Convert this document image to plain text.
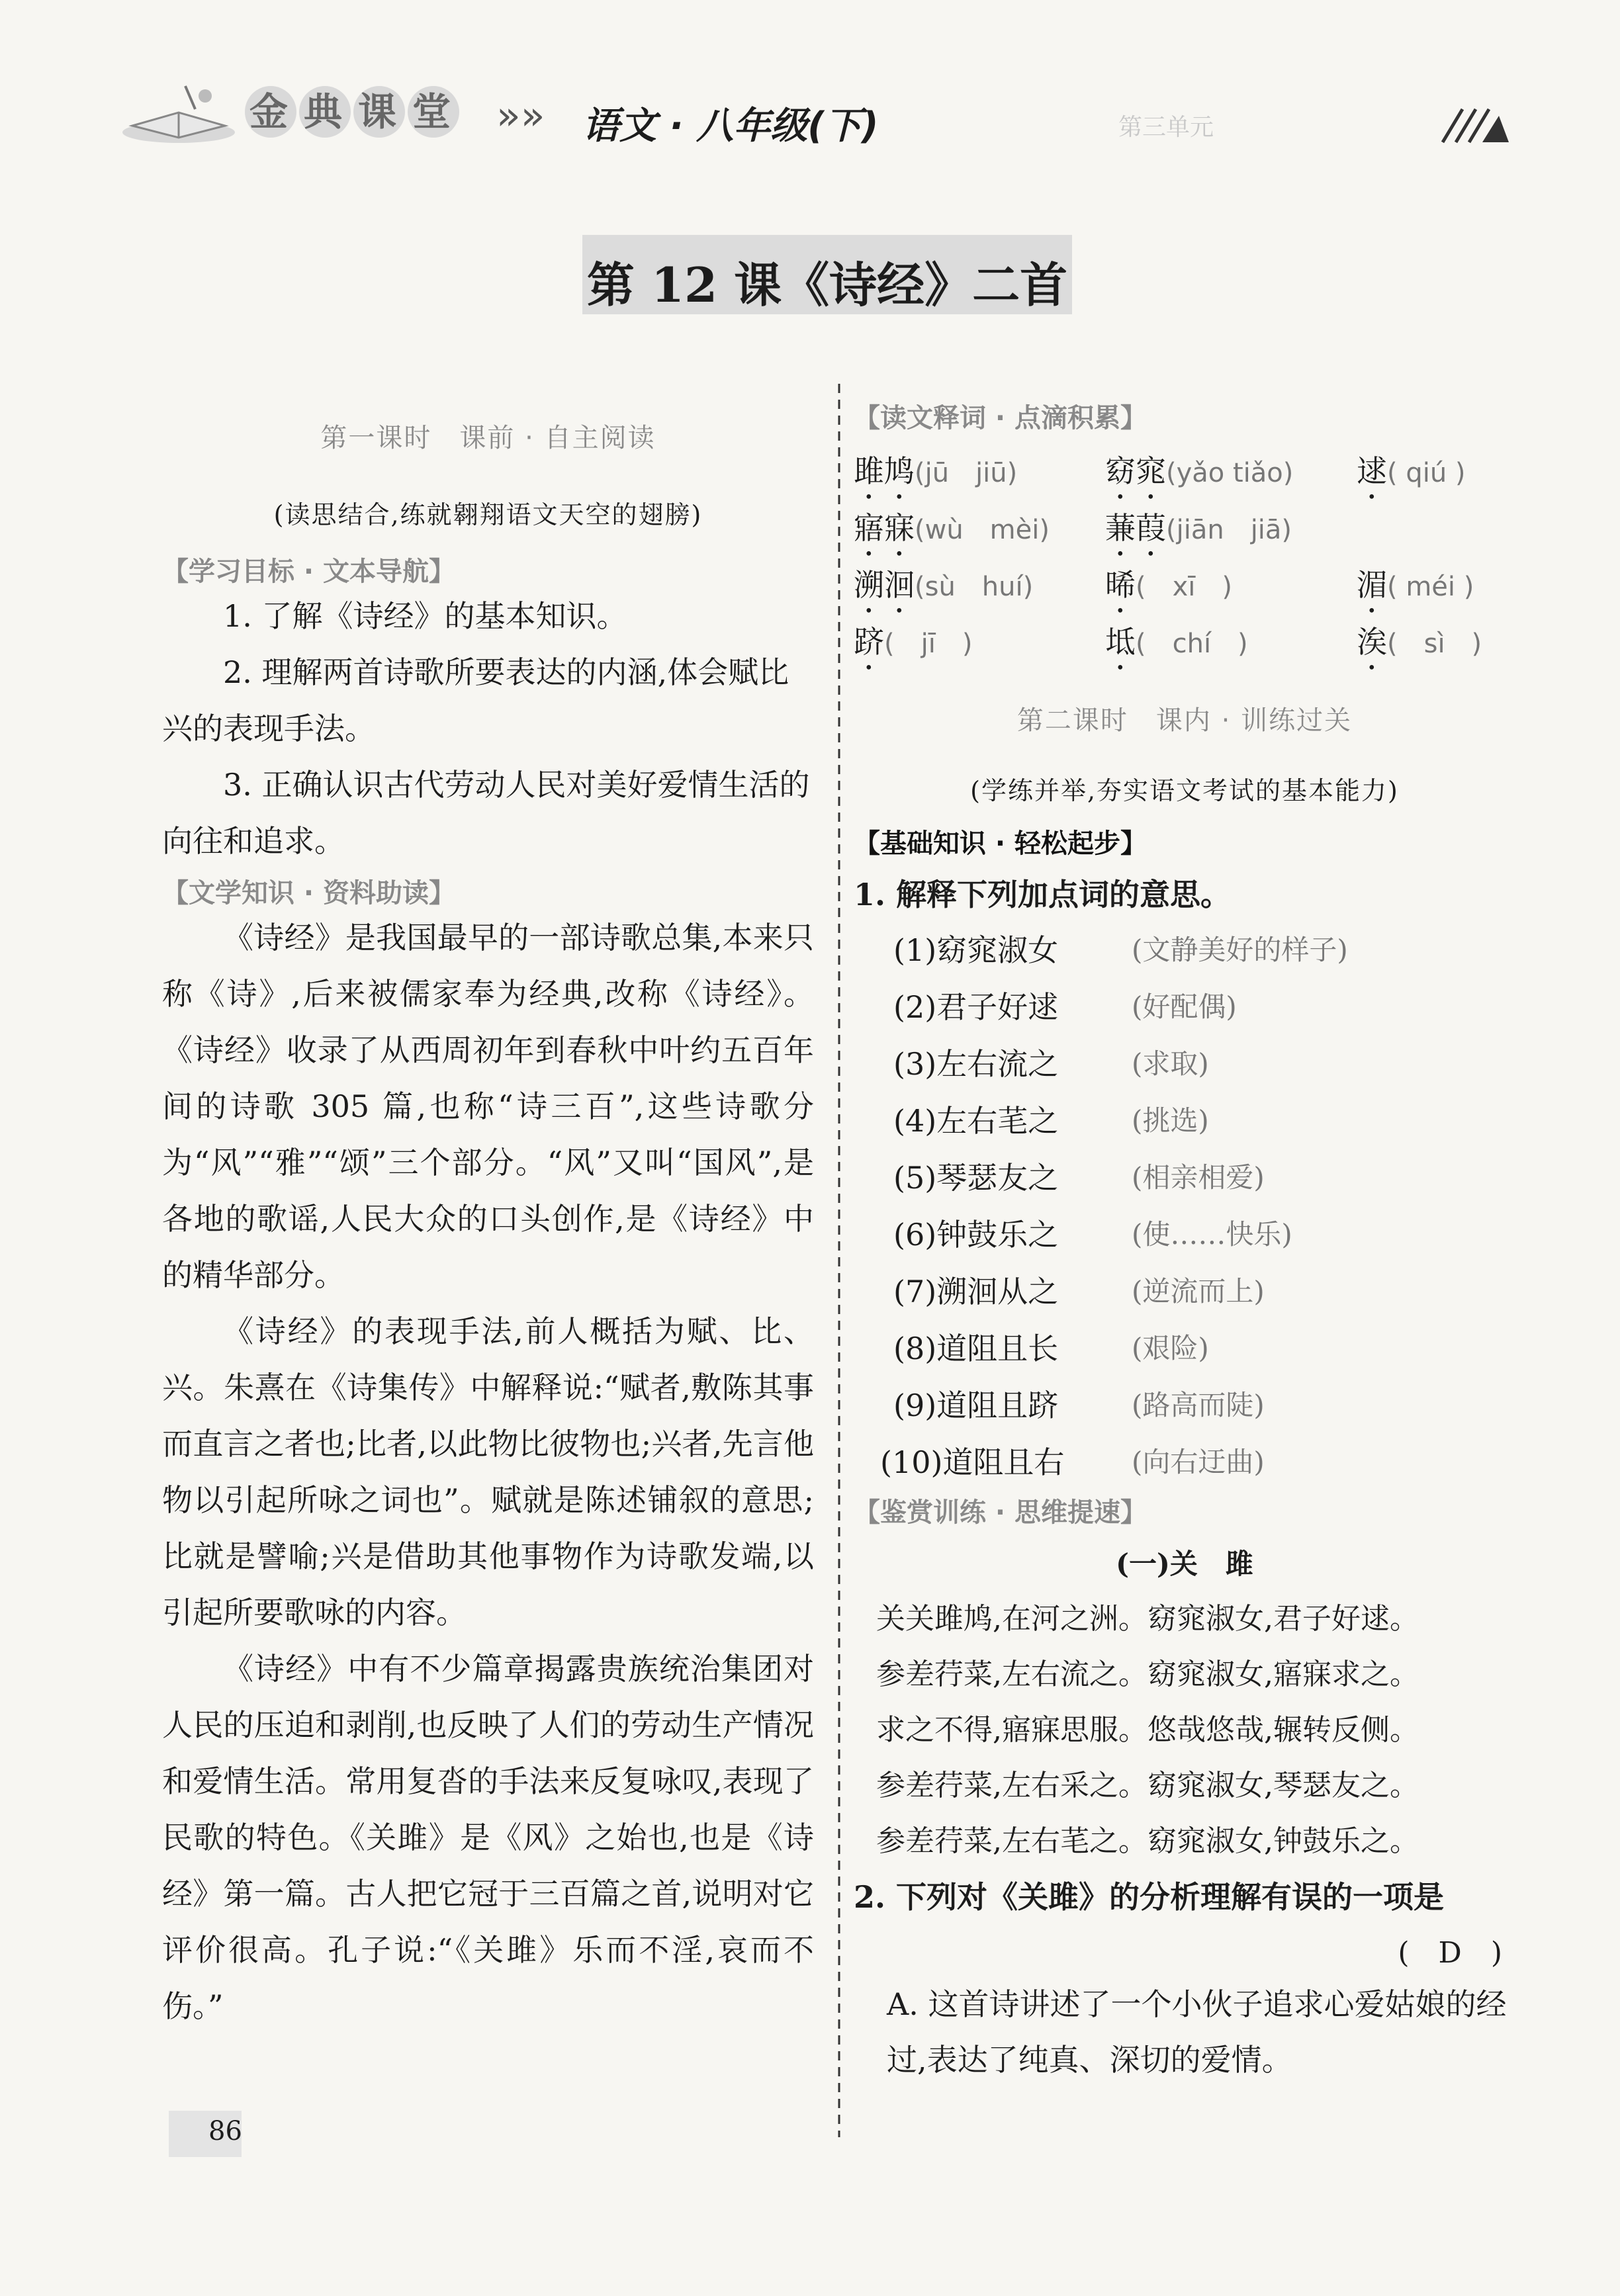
金 典 课 堂 »» 语文 · 八年级(下)	第三单元
第 12 课《诗经》二首
第一课时　课前 · 自主阅读
(读思结合,练就翱翔语文天空的翅膀)
【学习目标 · 文本导航】

1. 了解《诗经》的基本知识。

2. 理解两首诗歌所要表达的内涵,体会赋比兴的表现手法。

3. 正确认识古代劳动人民对美好爱情生活的向往和追求。

【文学知识 · 资料助读】

《诗经》是我国最早的一部诗歌总集,本来只称《诗》,后来被儒家奉为经典,改称《诗经》。《诗经》收录了从西周初年到春秋中叶约五百年间的诗歌 305 篇,也称“诗三百”,这些诗歌分为“风”“雅”“颂”三个部分。“风”又叫“国风”,是各地的歌谣,人民大众的口头创作,是《诗经》中的精华部分。

《诗经》的表现手法,前人概括为赋、比、兴。朱熹在《诗集传》中解释说:“赋者,敷陈其事而直言之者也;比者,以此物比彼物也;兴者,先言他物以引起所咏之词也”。赋就是陈述铺叙的意思;比就是譬喻;兴是借助其他事物作为诗歌发端,以引起所要歌咏的内容。

《诗经》中有不少篇章揭露贵族统治集团对人民的压迫和剥削,也反映了人们的劳动生产情况和爱情生活。常用复沓的手法来反复咏叹,表现了民歌的特色。《关雎》是《风》之始也,也是《诗经》第一篇。古人把它冠于三百篇之首,说明对它评价很高。孔子说:“《关雎》乐而不淫,哀而不伤。”

86
【读文释词 · 点滴积累】
雎鸠(jū　jiū)	窈窕(yǎo tiǎo)	逑( qiú )
寤寐(wù　mèi)	蒹葭(jiān　jiā)
溯洄(sù　huí)	晞(　xī　)	湄( méi )
跻(　jī　)	坻(　chí　)	涘(　sì　)
第二课时　课内 · 训练过关
(学练并举,夯实语文考试的基本能力)
【基础知识 · 轻松起步】
1. 解释下列加点词的意思。
(1)窈窕淑女	(文静美好的样子)
(2)君子好逑	(好配偶)
(3)左右流之	(求取)
(4)左右芼之	(挑选)
(5)琴瑟友之	(相亲相爱)
(6)钟鼓乐之	(使……快乐)
(7)溯洄从之	(逆流而上)
(8)道阻且长	(艰险)
(9)道阻且跻	(路高而陡)
(10)道阻且右	(向右迂曲)
【鉴赏训练 · 思维提速】
(一)关　雎
关关雎鸠,在河之洲。窈窕淑女,君子好逑。
参差荇菜,左右流之。窈窕淑女,寤寐求之。
求之不得,寤寐思服。悠哉悠哉,辗转反侧。
参差荇菜,左右采之。窈窕淑女,琴瑟友之。
参差荇菜,左右芼之。窈窕淑女,钟鼓乐之。
2. 下列对《关雎》的分析理解有误的一项是
(　D　)
A. 这首诗讲述了一个小伙子追求心爱姑娘的经过,表达了纯真、深切的爱情。
